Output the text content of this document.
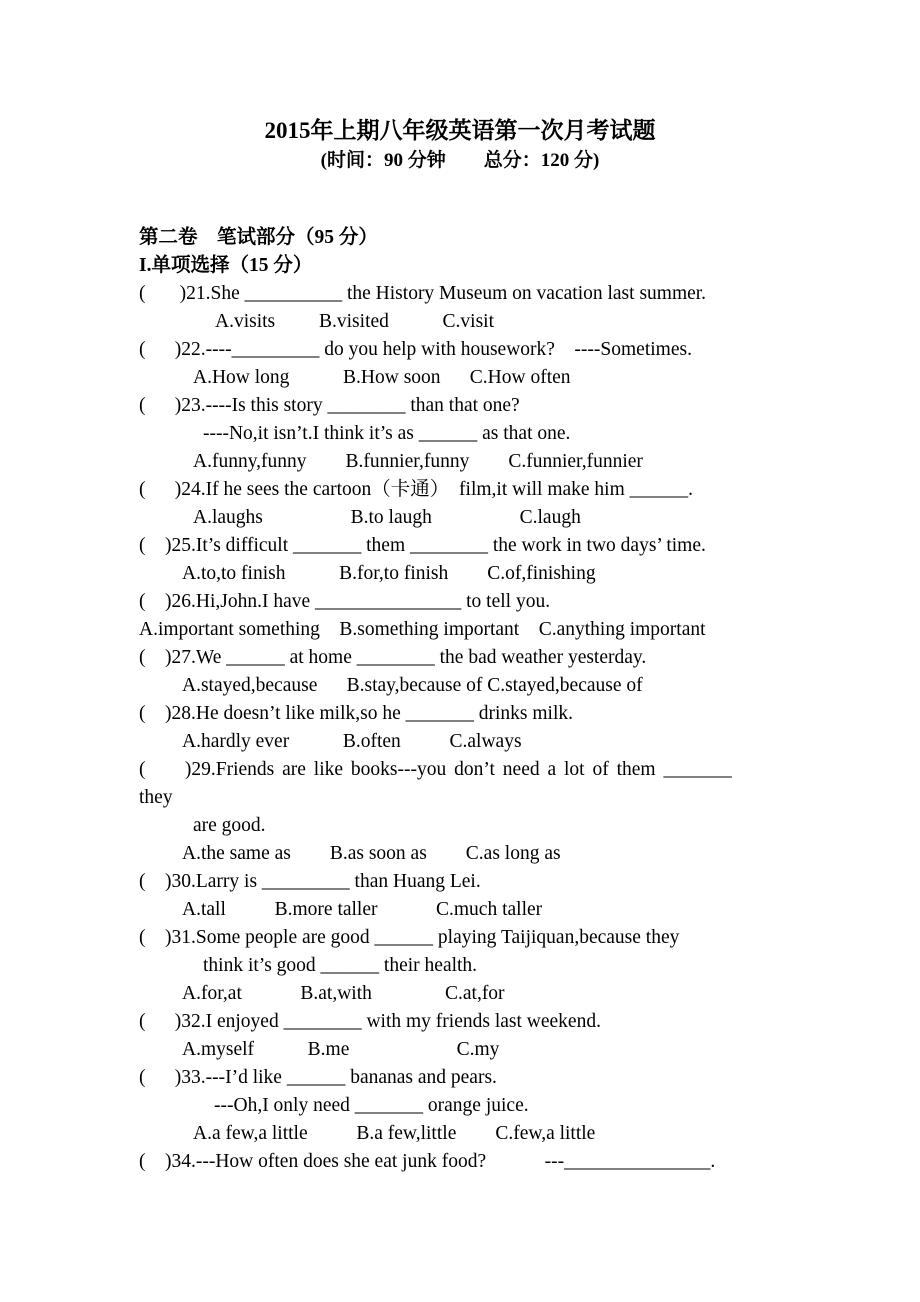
2015年上期八年级英语第一次月考试题
(时间：90 分钟        总分：120 分)
第二卷    笔试部分（95 分）
I.单项选择（15 分）
(       )21.She __________ the History Museum on vacation last summer.
A.visits         B.visited           C.visit
(      )22.----_________ do you help with housework?    ----Sometimes.
A.How long           B.How soon      C.How often
(      )23.----Is this story ________ than that one?
----No,it isn’t.I think it’s as ______ as that one.
A.funny,funny        B.funnier,funny        C.funnier,funnier
(      )24.If he sees the cartoon（卡通）  film,it will make him ______.
A.laughs                  B.to laugh                  C.laugh
(    )25.It’s difficult _______ them ________ the work in two days’ time.
A.to,to finish           B.for,to finish        C.of,finishing
(    )26.Hi,John.I have _______________ to tell you.
A.important something    B.something important    C.anything important
(    )27.We ______ at home ________ the bad weather yesterday.
A.stayed,because      B.stay,because of C.stayed,because of
(    )28.He doesn’t like milk,so he _______ drinks milk.
A.hardly ever           B.often          C.always
(     )29.Friends are like books---you don’t need a lot of them _______
they
are good.
A.the same as        B.as soon as        C.as long as
(    )30.Larry is _________ than Huang Lei.
A.tall          B.more taller            C.much taller
(    )31.Some people are good ______ playing Taijiquan,because they
think it’s good ______ their health.
A.for,at            B.at,with               C.at,for
(      )32.I enjoyed ________ with my friends last weekend.
A.myself           B.me                      C.my
(      )33.---I’d like ______ bananas and pears.
---Oh,I only need _______ orange juice.
A.a few,a little          B.a few,little        C.few,a little
(    )34.---How often does she eat junk food?            ---_______________.
